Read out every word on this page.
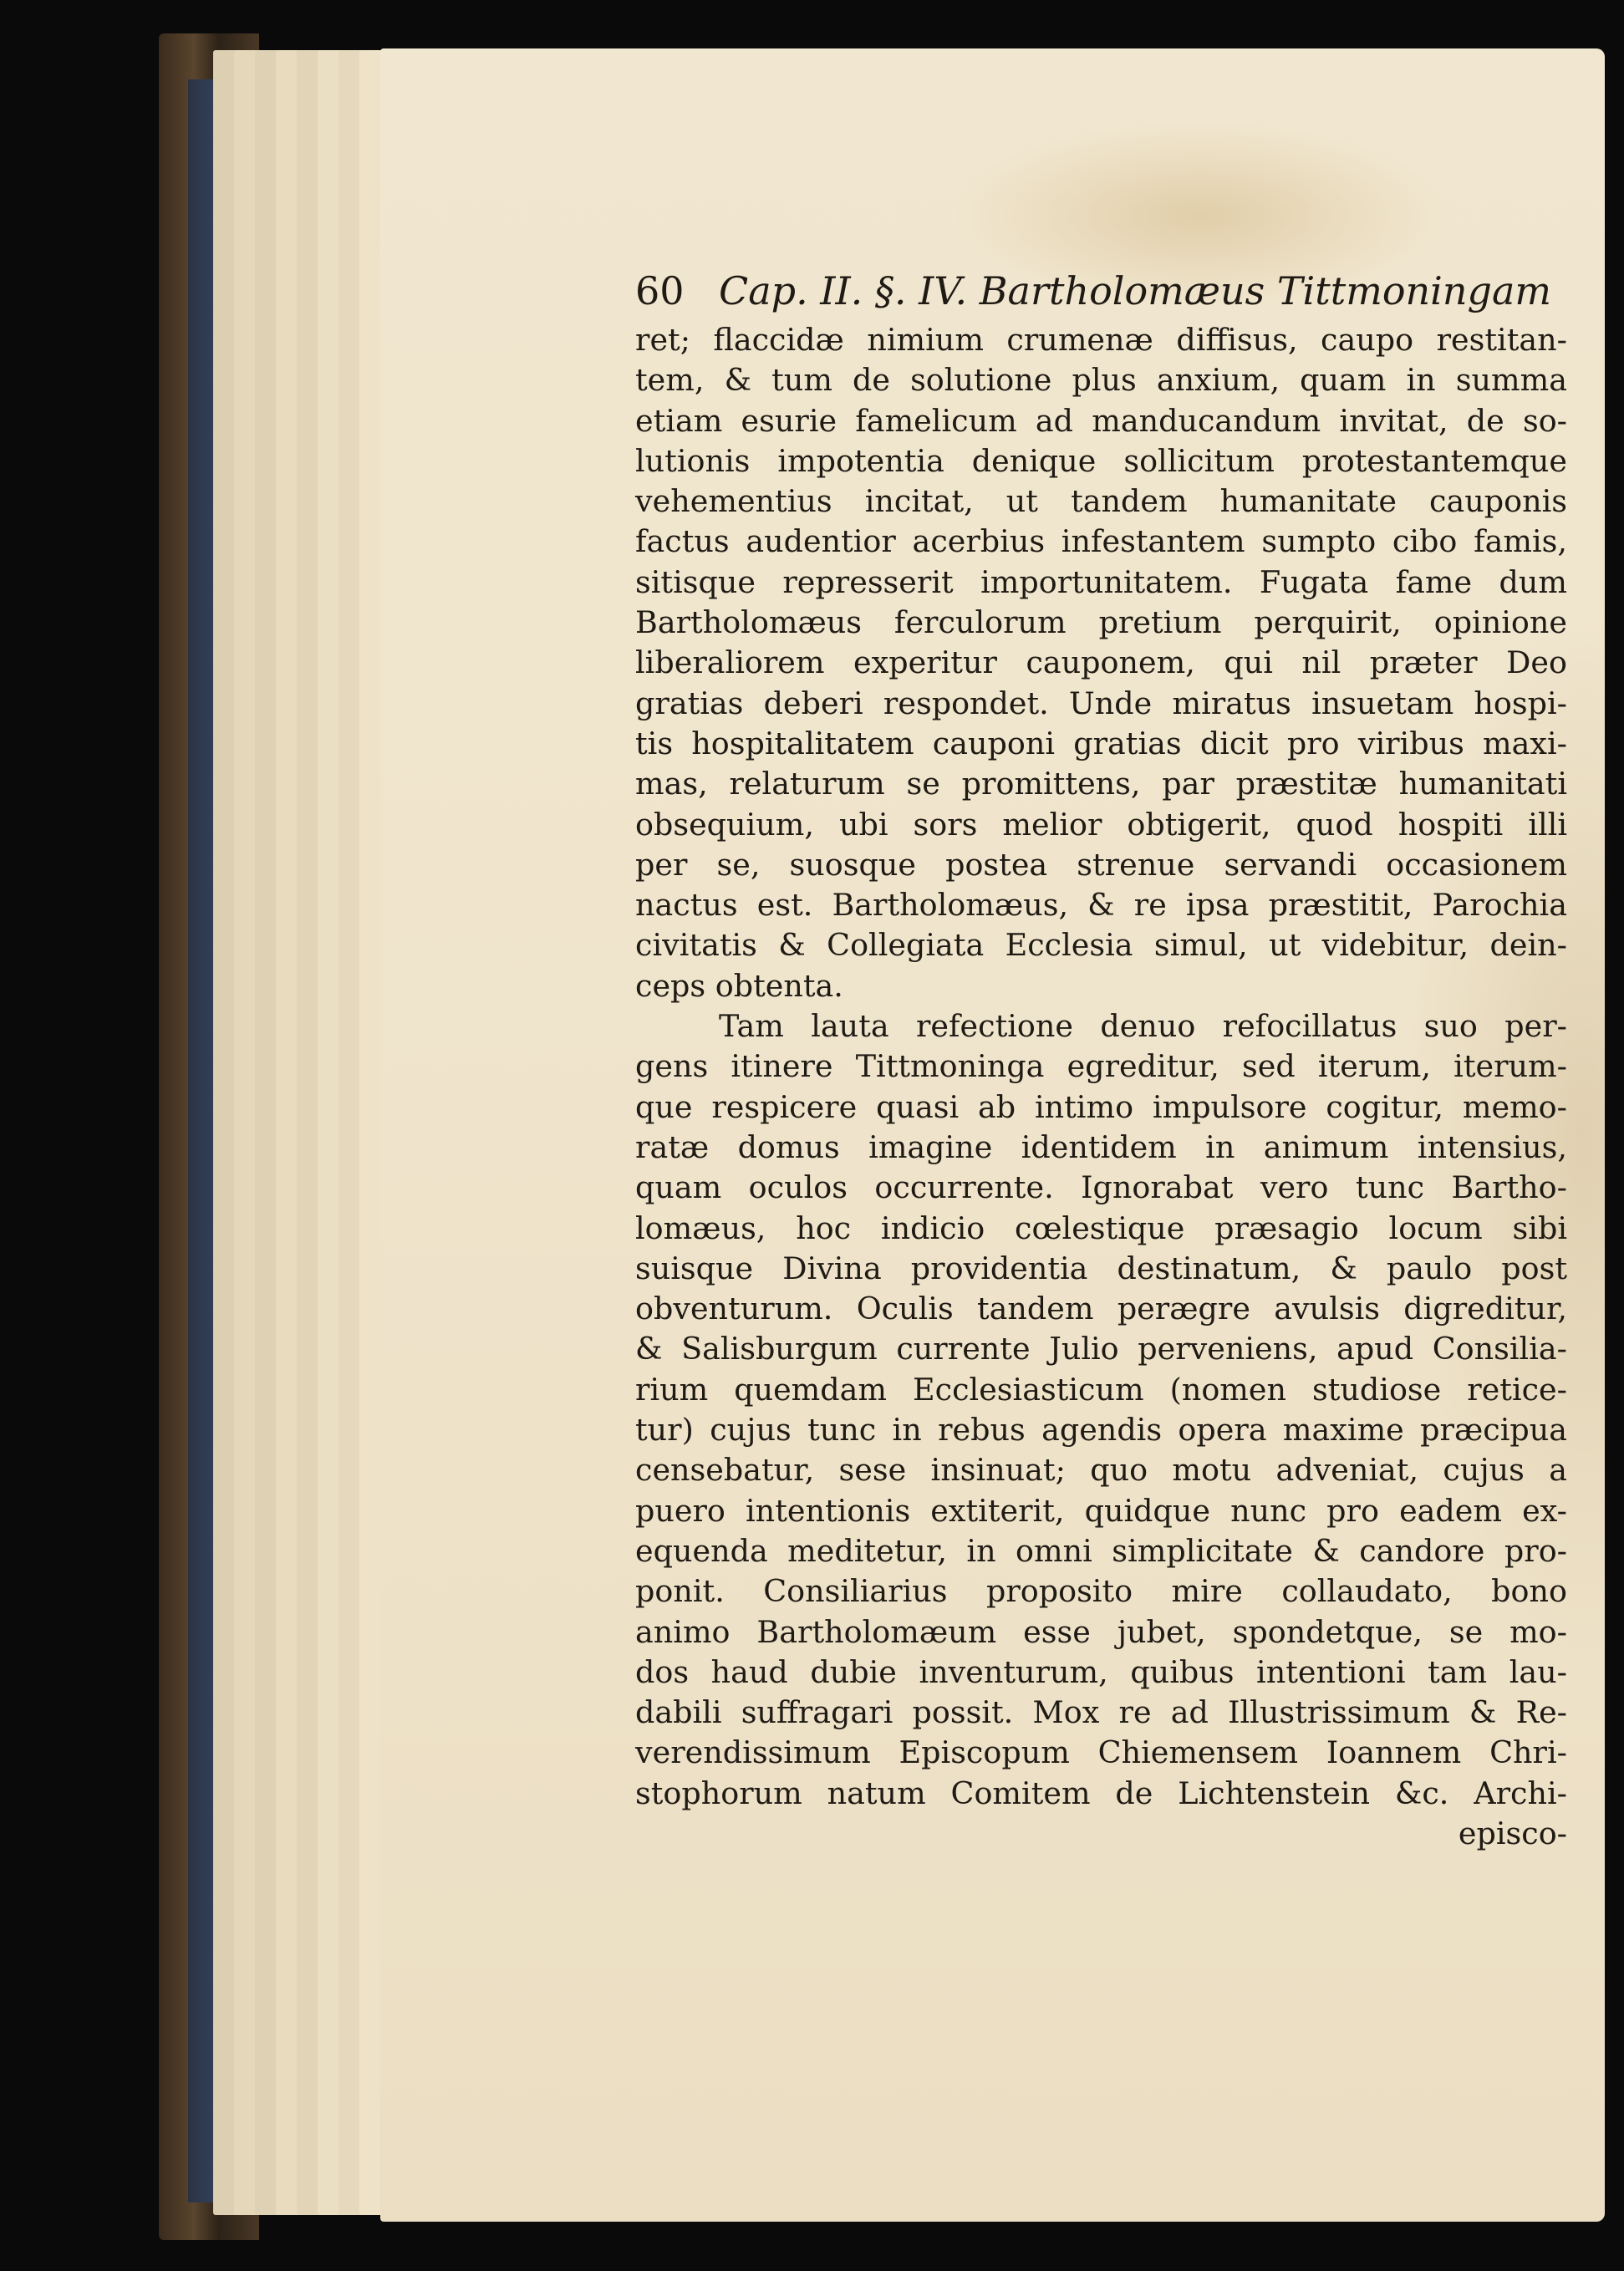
60 Cap. II. §. IV. Bartholomæus Tittmoningam
ret; flaccidæ nimium crumenæ diffisus, caupo restitan-
tem, & tum de solutione plus anxium, quam in summa
etiam esurie famelicum ad manducandum invitat, de so-
lutionis impotentia denique sollicitum protestantemque
vehementius incitat, ut tandem humanitate cauponis
factus audentior acerbius infestantem sumpto cibo famis,
sitisque represserit importunitatem. Fugata fame dum
Bartholomæus ferculorum pretium perquirit, opinione
liberaliorem experitur cauponem, qui nil præter Deo
gratias deberi respondet. Unde miratus insuetam hospi-
tis hospitalitatem cauponi gratias dicit pro viribus maxi-
mas, relaturum se promittens, par præstitæ humanitati
obsequium, ubi sors melior obtigerit, quod hospiti illi
per se, suosque postea strenue servandi occasionem
nactus est. Bartholomæus, & re ipsa præstitit, Parochia
civitatis & Collegiata Ecclesia simul, ut videbitur, dein-
ceps obtenta.
Tam lauta refectione denuo refocillatus suo per-
gens itinere Tittmoninga egreditur, sed iterum, iterum-
que respicere quasi ab intimo impulsore cogitur, memo-
ratæ domus imagine identidem in animum intensius,
quam oculos occurrente. Ignorabat vero tunc Bartho-
lomæus, hoc indicio cœlestique præsagio locum sibi
suisque Divina providentia destinatum, & paulo post
obventurum. Oculis tandem perægre avulsis digreditur,
& Salisburgum currente Julio perveniens, apud Consilia-
rium quemdam Ecclesiasticum (nomen studiose retice-
tur) cujus tunc in rebus agendis opera maxime præcipua
censebatur, sese insinuat; quo motu adveniat, cujus a
puero intentionis extiterit, quidque nunc pro eadem ex-
equenda meditetur, in omni simplicitate & candore pro-
ponit. Consiliarius proposito mire collaudato, bono
animo Bartholomæum esse jubet, spondetque, se mo-
dos haud dubie inventurum, quibus intentioni tam lau-
dabili suffragari possit. Mox re ad Illustrissimum & Re-
verendissimum Episcopum Chiemensem Ioannem Chri-
stophorum natum Comitem de Lichtenstein &c. Archi-
episco-
